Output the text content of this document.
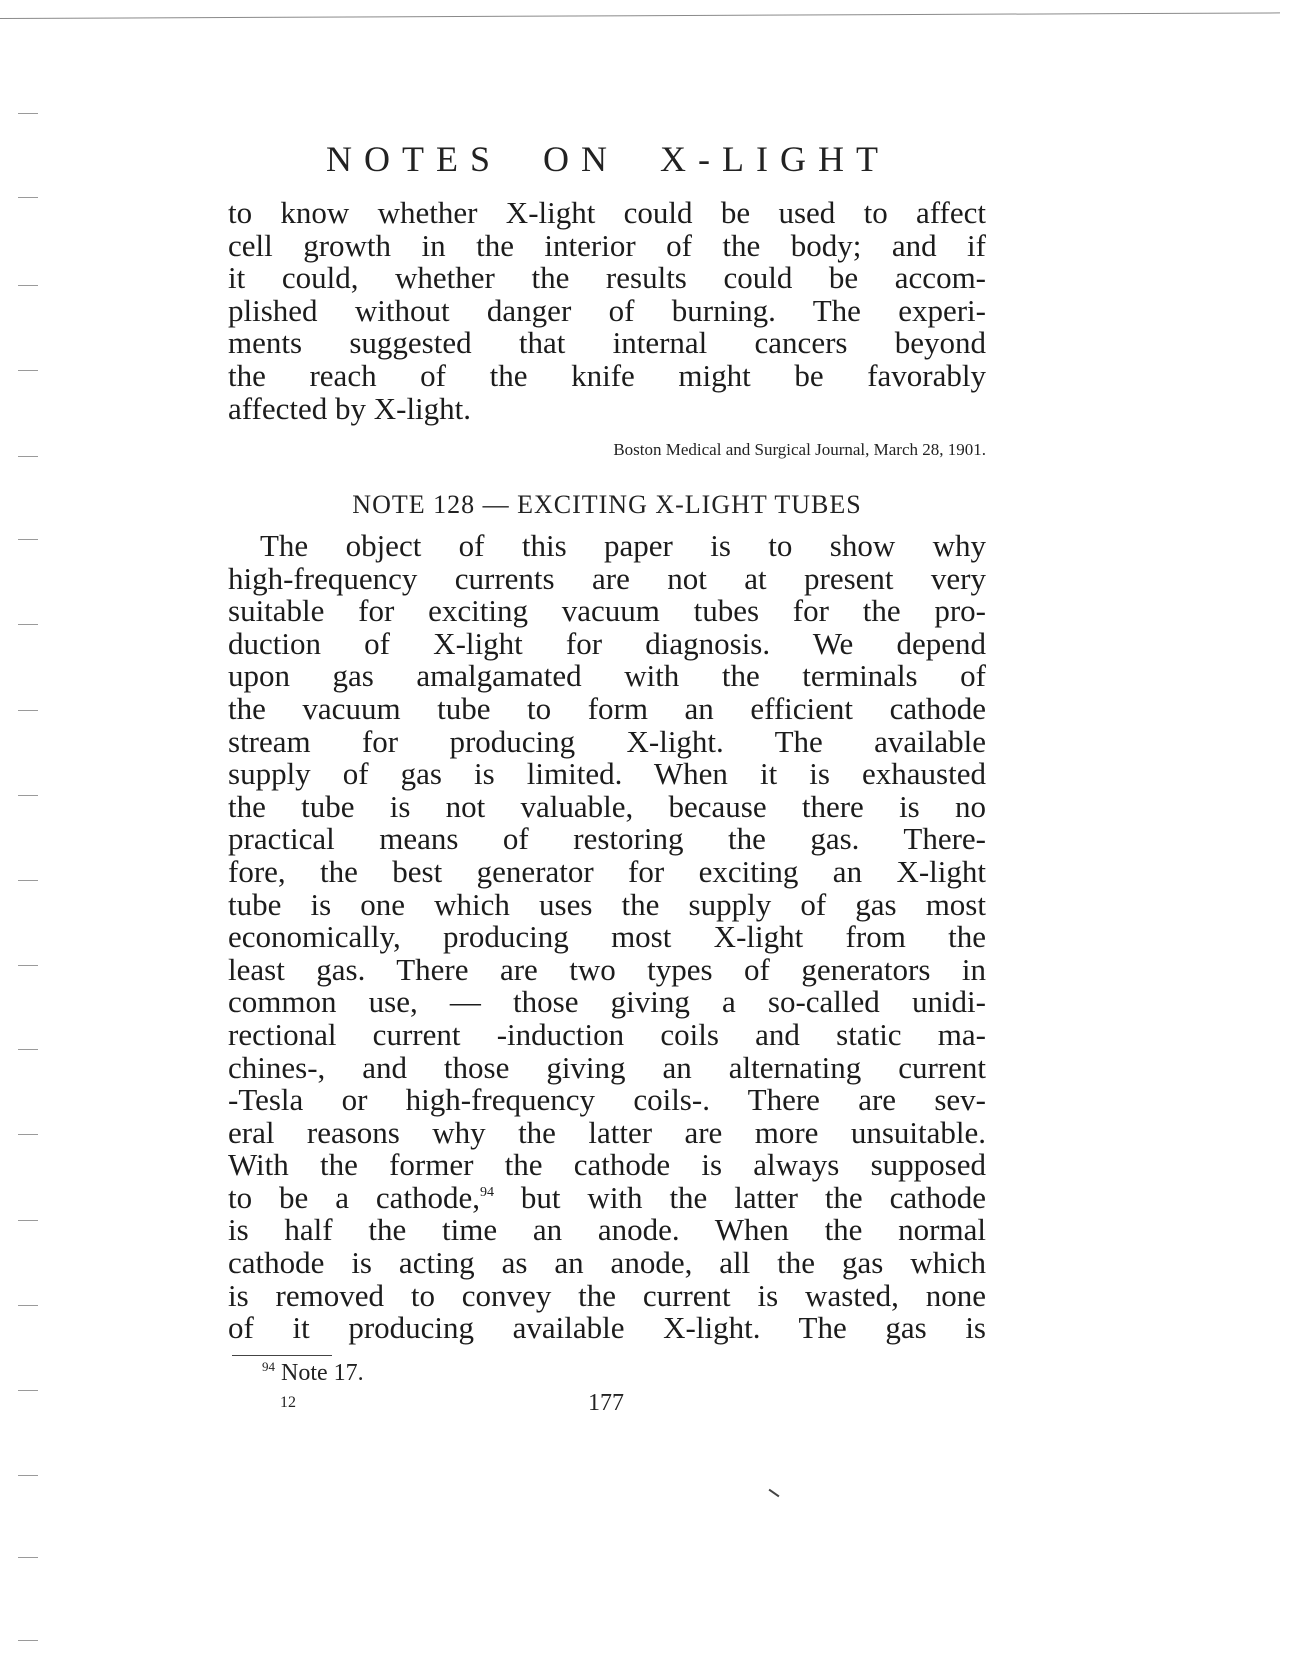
NOTES ON X-LIGHT
to know whether X-light could be used to affect
cell growth in the interior of the body; and if
it could, whether the results could be accom-
plished without danger of burning. The experi-
ments suggested that internal cancers beyond
the reach of the knife might be favorably
affected by X-light.
Boston Medical and Surgical Journal, March 28, 1901.
NOTE 128 — EXCITING X-LIGHT TUBES
The object of this paper is to show why
high-frequency currents are not at present very
suitable for exciting vacuum tubes for the pro-
duction of X-light for diagnosis. We depend
upon gas amalgamated with the terminals of
the vacuum tube to form an efficient cathode
stream for producing X-light. The available
supply of gas is limited. When it is exhausted
the tube is not valuable, because there is no
practical means of restoring the gas. There-
fore, the best generator for exciting an X-light
tube is one which uses the supply of gas most
economically, producing most X-light from the
least gas. There are two types of generators in
common use, — those giving a so-called unidi-
rectional current -induction coils and static ma-
chines-, and those giving an alternating current
-Tesla or high-frequency coils-. There are sev-
eral reasons why the latter are more unsuitable.
With the former the cathode is always supposed
to be a cathode,$^{94}$ but with the latter the cathode
is half the time an anode. When the normal
cathode is acting as an anode, all the gas which
is removed to convey the current is wasted, none
of it producing available X-light. The gas is
$^{94}$ Note 17.
12	177
